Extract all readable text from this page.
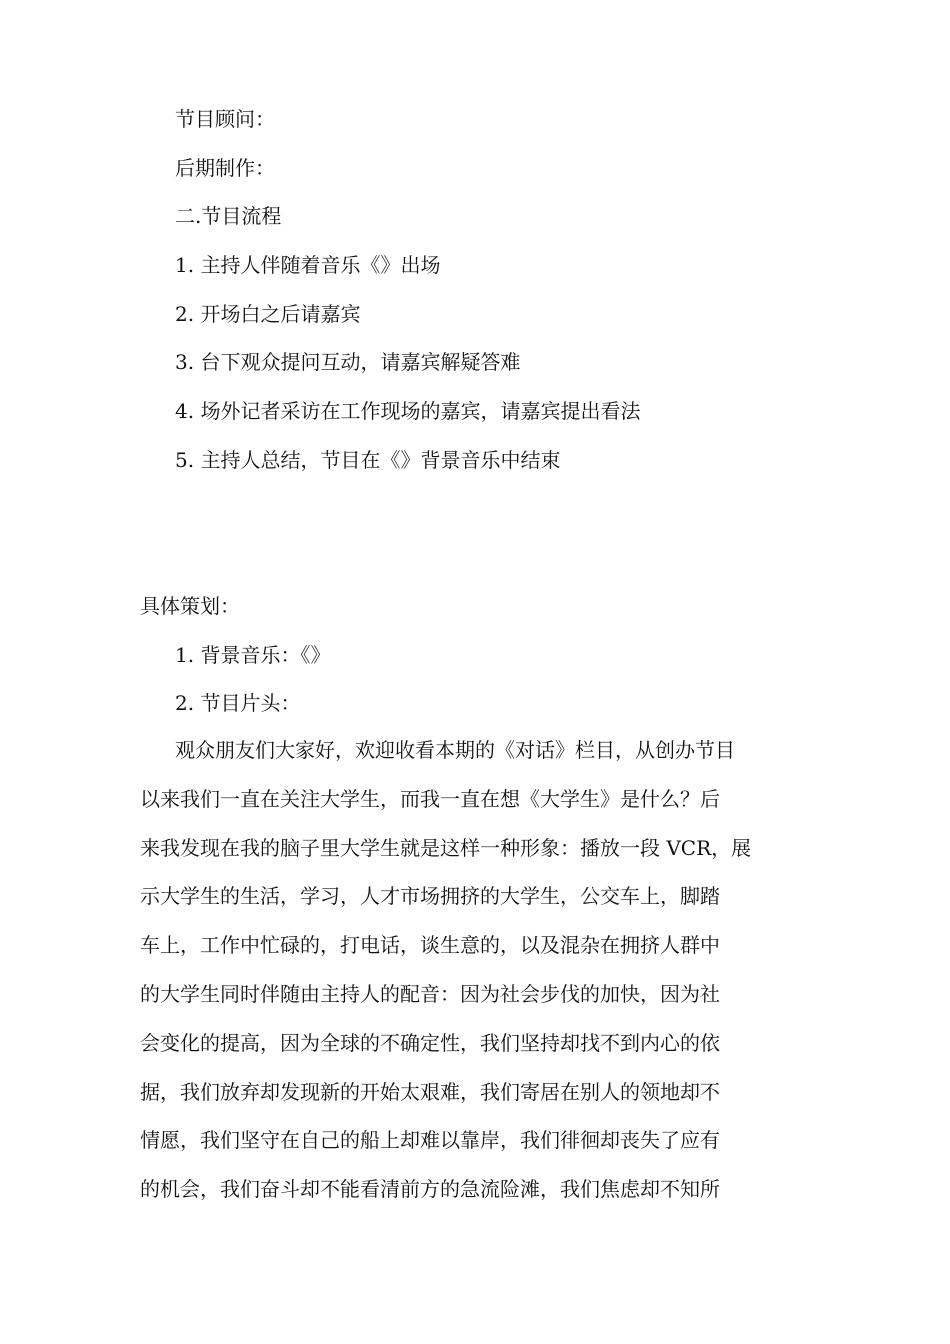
节目顾问：
后期制作：
二.节目流程
1. 主持人伴随着音乐《》出场
2. 开场白之后请嘉宾
3. 台下观众提问互动，请嘉宾解疑答难
4. 场外记者采访在工作现场的嘉宾，请嘉宾提出看法
5. 主持人总结，节目在《》背景音乐中结束
具体策划：
1. 背景音乐：《》
2. 节目片头：
观众朋友们大家好，欢迎收看本期的《对话》栏目，从创办节目
以来我们一直在关注大学生，而我一直在想《大学生》是什么？后
来我发现在我的脑子里大学生就是这样一种形象：播放一段 VCR，展
示大学生的生活，学习，人才市场拥挤的大学生，公交车上，脚踏
车上，工作中忙碌的，打电话，谈生意的，以及混杂在拥挤人群中
的大学生同时伴随由主持人的配音：因为社会步伐的加快，因为社
会变化的提高，因为全球的不确定性，我们坚持却找不到内心的依
据，我们放弃却发现新的开始太艰难，我们寄居在别人的领地却不
情愿，我们坚守在自己的船上却难以靠岸，我们徘徊却丧失了应有
的机会，我们奋斗却不能看清前方的急流险滩，我们焦虑却不知所
